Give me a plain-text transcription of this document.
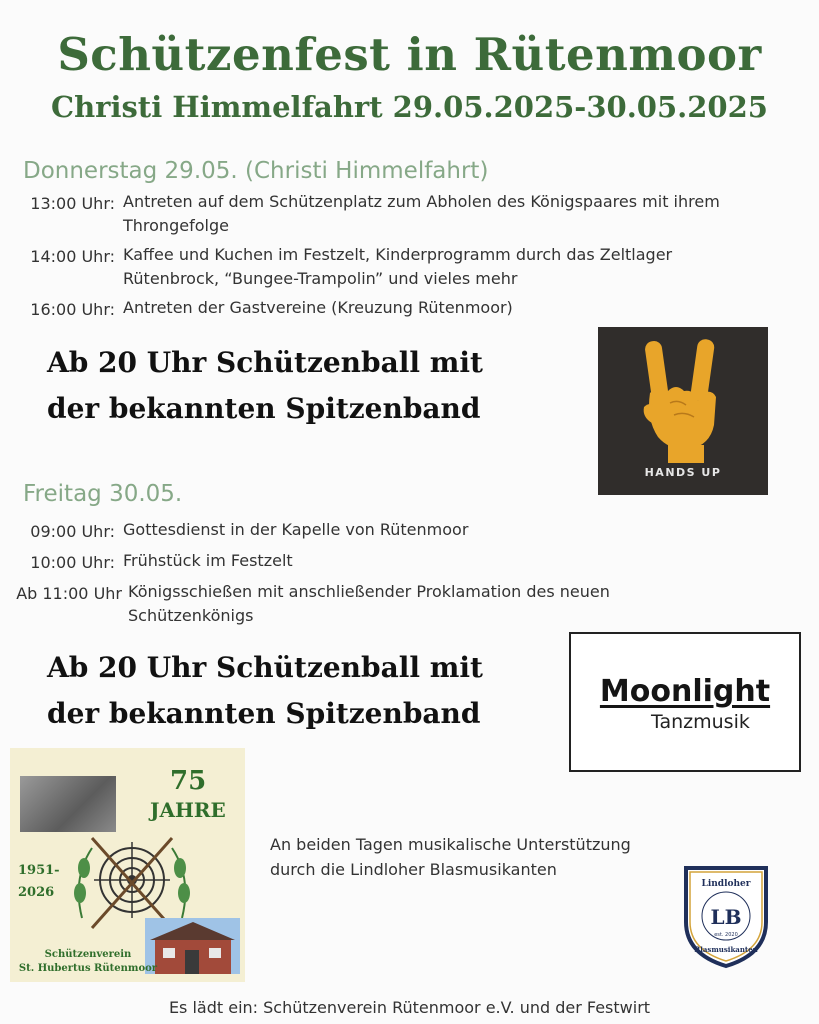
Schützenfest in Rütenmoor
Christi Himmelfahrt 29.05.2025-30.05.2025
Donnerstag 29.05. (Christi Himmelfahrt)
13:00 Uhr: Antreten auf dem Schützenplatz zum Abholen des Königspaares mit ihrem Throngefolge
14:00 Uhr: Kaffee und Kuchen im Festzelt, Kinderprogramm durch das Zeltlager Rütenbrock, “Bungee-Trampolin” und vieles mehr
16:00 Uhr: Antreten der Gastvereine (Kreuzung Rütenmoor)
Ab 20 Uhr Schützenball mit
der bekannten Spitzenband
HANDS UP
Freitag 30.05.
09:00 Uhr: Gottesdienst in der Kapelle von Rütenmoor
10:00 Uhr: Frühstück im Festzelt
Ab 11:00 Uhr Königsschießen mit anschließender Proklamation des neuen Schützenkönigs
Ab 20 Uhr Schützenball mit
der bekannten Spitzenband
Moonlight
Tanzmusik
75
JAHRE
1951-
2026
Schützenverein
St. Hubertus Rütenmoor
An beiden Tagen musikalische Unterstützung
durch die Lindloher Blasmusikanten
Lindloher
LB
est. 2020
Blasmusikanten
Es lädt ein: Schützenverein Rütenmoor e.V. und der Festwirt
